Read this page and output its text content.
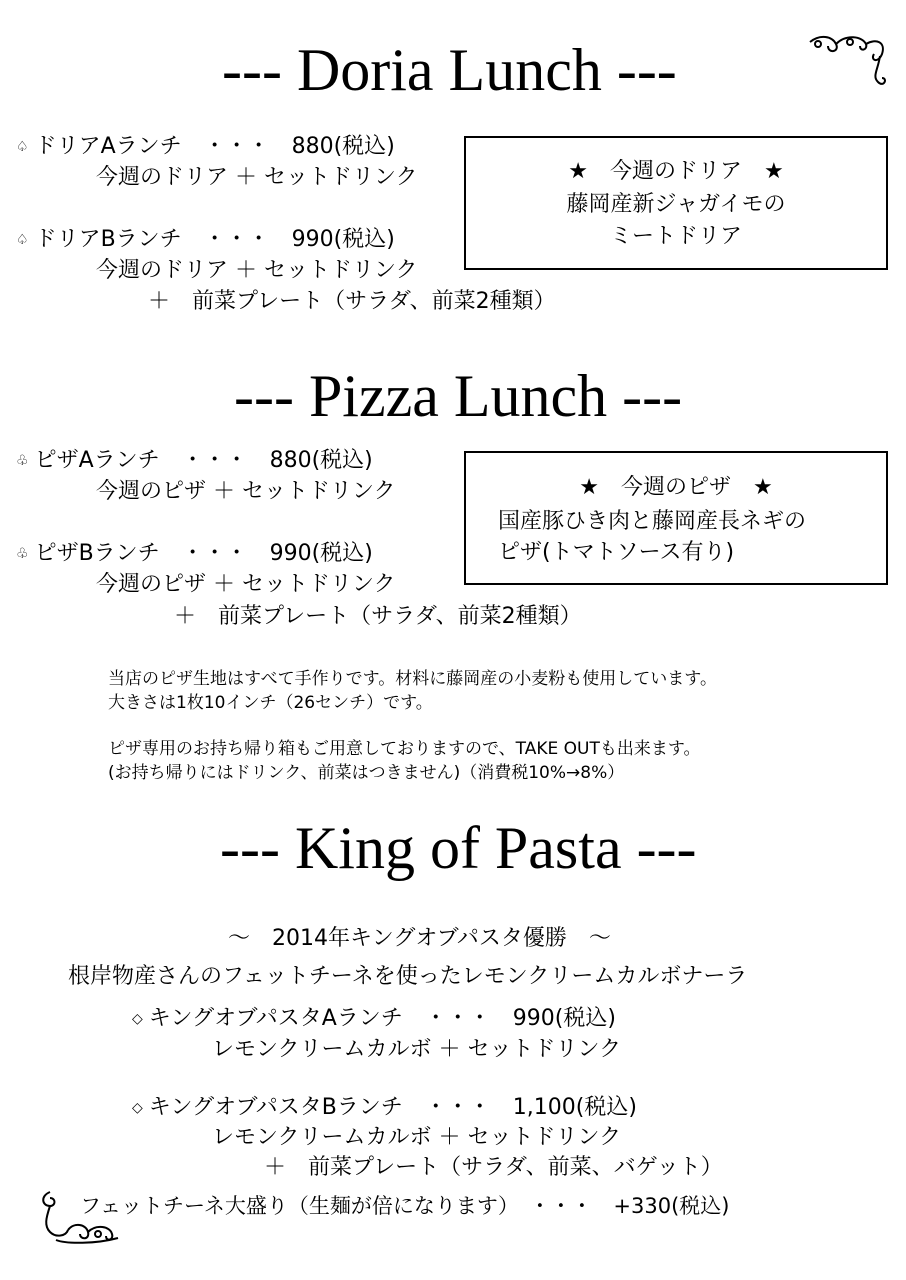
--- Doria Lunch ---
♤ ドリアAランチ　・・・　880(税込)
今週のドリア ＋ セットドリンク
♤ ドリアBランチ　・・・　990(税込)
今週のドリア ＋ セットドリンク
＋　前菜プレート（サラダ、前菜2種類）
★　今週のドリア　★
藤岡産新ジャガイモの
ミートドリア
--- Pizza Lunch ---
♧ ピザAランチ　・・・　880(税込)
今週のピザ ＋ セットドリンク
♧ ピザBランチ　・・・　990(税込)
今週のピザ ＋ セットドリンク
＋　前菜プレート（サラダ、前菜2種類）
★　今週のピザ　★
国産豚ひき肉と藤岡産長ネギの
ピザ(トマトソース有り)
当店のピザ生地はすべて手作りです。材料に藤岡産の小麦粉も使用しています。
大きさは1枚10インチ（26センチ）です。
ピザ専用のお持ち帰り箱もご用意しておりますので、TAKE OUTも出来ます。
(お持ち帰りにはドリンク、前菜はつきません)（消費税10%→8%）
--- King of Pasta ---
～　2014年キングオブパスタ優勝　～
根岸物産さんのフェットチーネを使ったレモンクリームカルボナーラ
◇ キングオブパスタAランチ　・・・　990(税込)
レモンクリームカルボ ＋ セットドリンク
◇ キングオブパスタBランチ　・・・　1,100(税込)
レモンクリームカルボ ＋ セットドリンク
＋　前菜プレート（サラダ、前菜、バゲット）
フェットチーネ大盛り（生麺が倍になります）　・・・　+330(税込)
